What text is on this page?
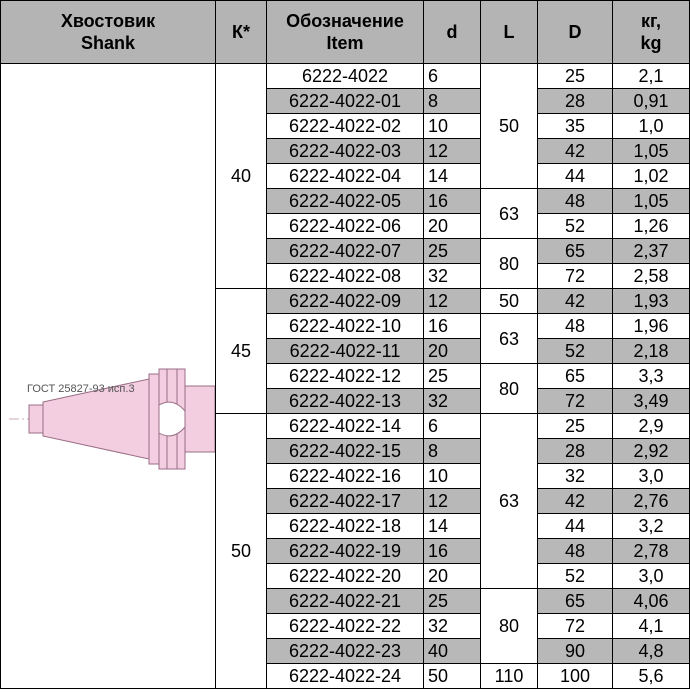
Хвостовик
Shank	К*	Обозначение
Item	d	L	D	кг,
kg

ГОСТ 25827-93 исп.3	40	6222-4022	6	50	25	2,1
		6222-4022-01	8		28	0,91
		6222-4022-02	10		35	1,0
		6222-4022-03	12		42	1,05
		6222-4022-04	14		44	1,02
		6222-4022-05	16	63	48	1,05
		6222-4022-06	20		52	1,26
		6222-4022-07	25	80	65	2,37
		6222-4022-08	32		72	2,58
	45	6222-4022-09	12	50	42	1,93
		6222-4022-10	16	63	48	1,96
		6222-4022-11	20		52	2,18
		6222-4022-12	25	80	65	3,3
		6222-4022-13	32		72	3,49
	50	6222-4022-14	6	63	25	2,9
		6222-4022-15	8		28	2,92
		6222-4022-16	10		32	3,0
		6222-4022-17	12		42	2,76
		6222-4022-18	14		44	3,2
		6222-4022-19	16		48	2,78
		6222-4022-20	20		52	3,0
		6222-4022-21	25	80	65	4,06
		6222-4022-22	32		72	4,1
		6222-4022-23	40		90	4,8
		6222-4022-24	50	110	100	5,6
